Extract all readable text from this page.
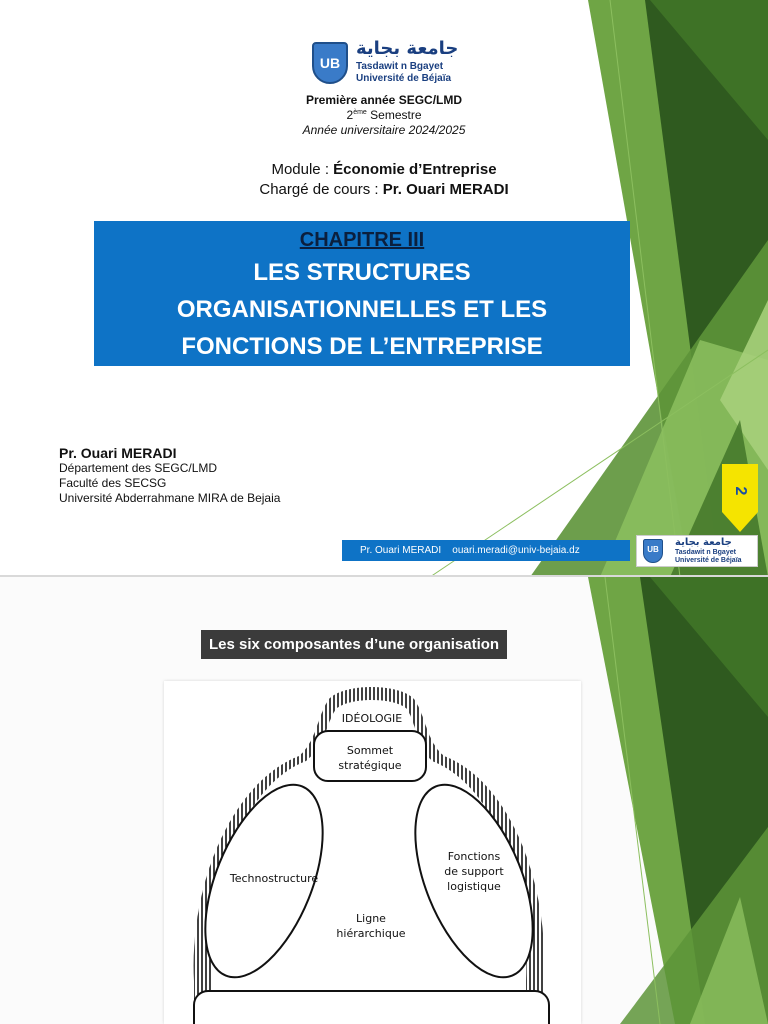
UB
جامعة بجاية
Tasdawit n Bgayet
Université de Béjaïa
Première année SEGC/LMD
2ème Semestre
Année universitaire 2024/2025
Module : Économie d’Entreprise
Chargé de cours : Pr. Ouari MERADI
CHAPITRE III
LES STRUCTURES
ORGANISATIONNELLES ET LES
FONCTIONS DE L’ENTREPRISE
Pr. Ouari MERADI
Département des SEGC/LMD
Faculté des SECSG
Université Abderrahmane MIRA de Bejaia	2
Pr. Ouari MERADI ouari.meradi@univ-bejaia.dz	UB
جامعة بجاية
Tasdawit n Bgayet
Université de Béjaïa
Les six composantes d’une organisation
IDÉOLOGIE
Sommet
stratégique
Technostructure
Fonctions
de support
logistique
Ligne
hiérarchique
